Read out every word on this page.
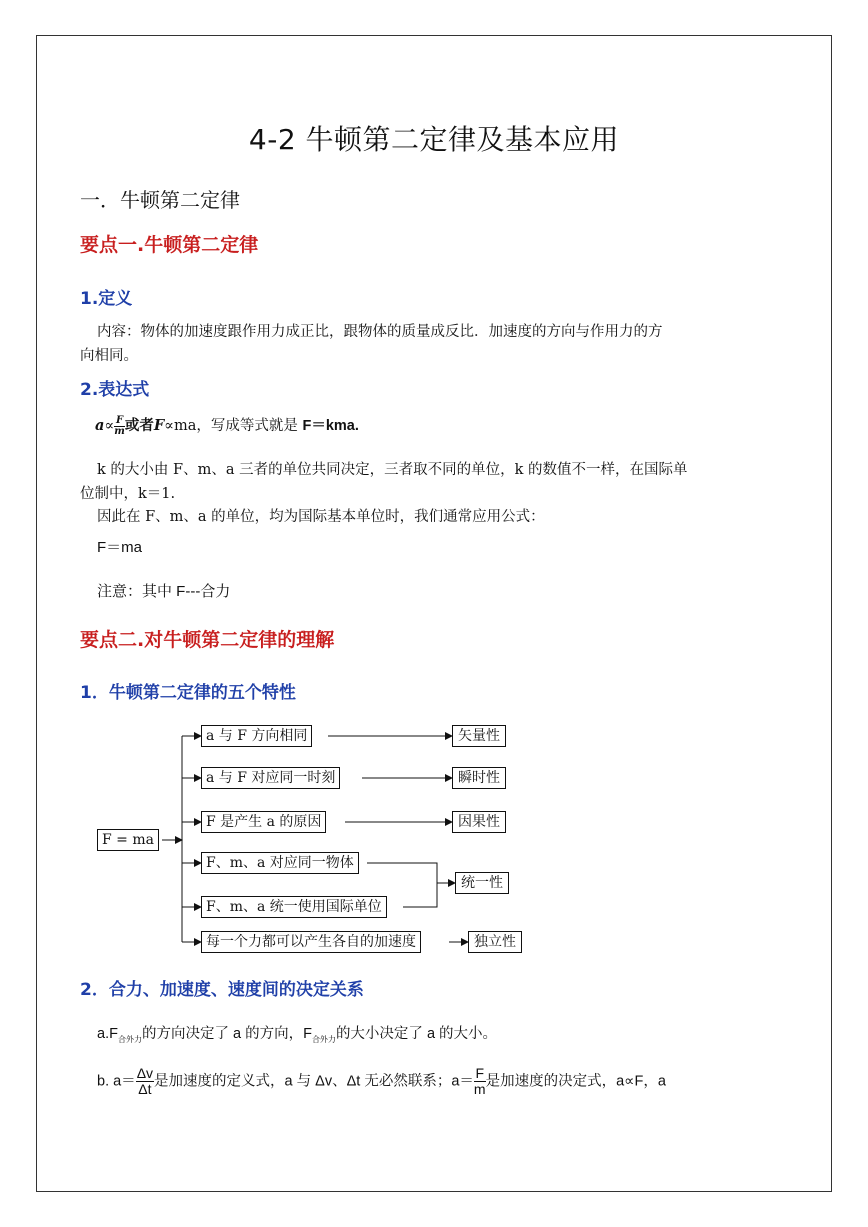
4-2 牛顿第二定律及基本应用
一．牛顿第二定律
要点一.牛顿第二定律
1.定义
内容：物体的加速度跟作用力成正比，跟物体的质量成反比．加速度的方向与作用力的方
向相同。
2.表达式
a∝ F
m 或者F∝ma，写成等式就是 F＝kma.
k 的大小由 F、m、a 三者的单位共同决定，三者取不同的单位，k 的数值不一样，在国际单
位制中，k＝1.
因此在 F、m、a 的单位，均为国际基本单位时，我们通常应用公式：
F＝ma
注意：其中 F---合力
要点二.对牛顿第二定律的理解
1．牛顿第二定律的五个特性
F = ma
a 与 F 方向相同
a 与 F 对应同一时刻
F 是产生 a 的原因
F、m、a 对应同一物体
F、m、a 统一使用国际单位
每一个力都可以产生各自的加速度
矢量性
瞬时性
因果性
统一性
独立性
2．合力、加速度、速度间的决定关系
$a.F_{合外力}$的方向决定了 a 的方向，$F_{合外力}$的大小决定了 a 的大小。
b. $a= \frac{\Delta v}{\Delta t}$ 是加速度的定义式，a 与 Δv、Δt 无必然联系；$a= \frac{F}{m}$ 是加速度的决定式，a∝F，a
